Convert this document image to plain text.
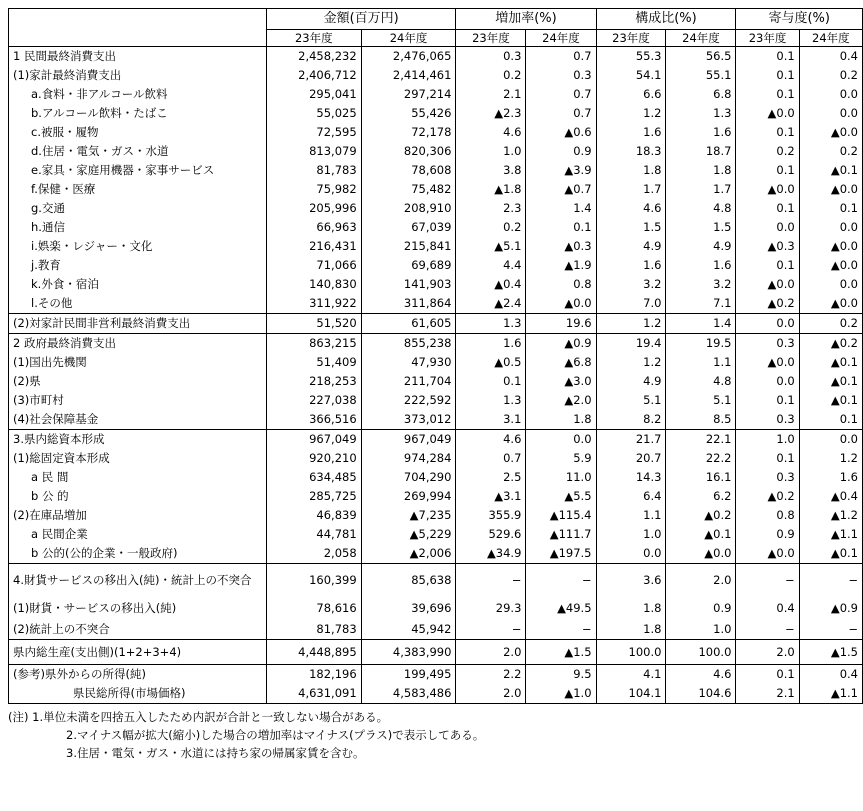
	金額(百万円)		増加率(%)		構成比(%)		寄与度(%)	
	23年度	24年度	23年度	24年度	23年度	24年度	23年度	24年度
1 民間最終消費支出	2,458,232	2,476,065	0.3	0.7	55.3	56.5	0.1	0.4
(1)家計最終消費支出	2,406,712	2,414,461	0.2	0.3	54.1	55.1	0.1	0.2
a.食料・非アルコール飲料	295,041	297,214	2.1	0.7	6.6	6.8	0.1	0.0
b.アルコール飲料・たばこ	55,025	55,426	▲2.3	0.7	1.2	1.3	▲0.0	0.0
c.被服・履物	72,595	72,178	4.6	▲0.6	1.6	1.6	0.1	▲0.0
d.住居・電気・ガス・水道	813,079	820,306	1.0	0.9	18.3	18.7	0.2	0.2
e.家具・家庭用機器・家事サービス	81,783	78,608	3.8	▲3.9	1.8	1.8	0.1	▲0.1
f.保健・医療	75,982	75,482	▲1.8	▲0.7	1.7	1.7	▲0.0	▲0.0
g.交通	205,996	208,910	2.3	1.4	4.6	4.8	0.1	0.1
h.通信	66,963	67,039	0.2	0.1	1.5	1.5	0.0	0.0
i.娯楽・レジャー・文化	216,431	215,841	▲5.1	▲0.3	4.9	4.9	▲0.3	▲0.0
j.教育	71,066	69,689	4.4	▲1.9	1.6	1.6	0.1	▲0.0
k.外食・宿泊	140,830	141,903	▲0.4	0.8	3.2	3.2	▲0.0	0.0
l.その他	311,922	311,864	▲2.4	▲0.0	7.0	7.1	▲0.2	▲0.0
(2)対家計民間非営利最終消費支出	51,520	61,605	1.3	19.6	1.2	1.4	0.0	0.2
2 政府最終消費支出	863,215	855,238	1.6	▲0.9	19.4	19.5	0.3	▲0.2
(1)国出先機関	51,409	47,930	▲0.5	▲6.8	1.2	1.1	▲0.0	▲0.1
(2)県	218,253	211,704	0.1	▲3.0	4.9	4.8	0.0	▲0.1
(3)市町村	227,038	222,592	1.3	▲2.0	5.1	5.1	0.1	▲0.1
(4)社会保障基金	366,516	373,012	3.1	1.8	8.2	8.5	0.3	0.1
3.県内総資本形成	967,049	967,049	4.6	0.0	21.7	22.1	1.0	0.0
(1)総固定資本形成	920,210	974,284	0.7	5.9	20.7	22.2	0.1	1.2
a 民 間	634,485	704,290	2.5	11.0	14.3	16.1	0.3	1.6
b 公 的	285,725	269,994	▲3.1	▲5.5	6.4	6.2	▲0.2	▲0.4
(2)在庫品増加	46,839	▲7,235	355.9	▲115.4	1.1	▲0.2	0.8	▲1.2
a 民間企業	44,781	▲5,229	529.6	▲111.7	1.0	▲0.1	0.9	▲1.1
b 公的(公的企業・一般政府)	2,058	▲2,006	▲34.9	▲197.5	0.0	▲0.0	▲0.0	▲0.1
4.財貨サービスの移出入(純)・統計上の不突合	160,399	85,638	−	−	3.6	2.0	−	−
(1)財貨・サービスの移出入(純)	78,616	39,696	29.3	▲49.5	1.8	0.9	0.4	▲0.9
(2)統計上の不突合	81,783	45,942	−	−	1.8	1.0	−	−
県内総生産(支出側)(1+2+3+4)	4,448,895	4,383,990	2.0	▲1.5	100.0	100.0	2.0	▲1.5
(参考)県外からの所得(純)	182,196	199,495	2.2	9.5	4.1	4.6	0.1	0.4
県民総所得(市場価格)	4,631,091	4,583,486	2.0	▲1.0	104.1	104.6	2.1	▲1.1
(注) 1.単位未満を四捨五入したため内訳が合計と一致しない場合がある。
2.マイナス幅が拡大(縮小)した場合の増加率はマイナス(プラス)で表示してある。
3.住居・電気・ガス・水道には持ち家の帰属家賃を含む。
